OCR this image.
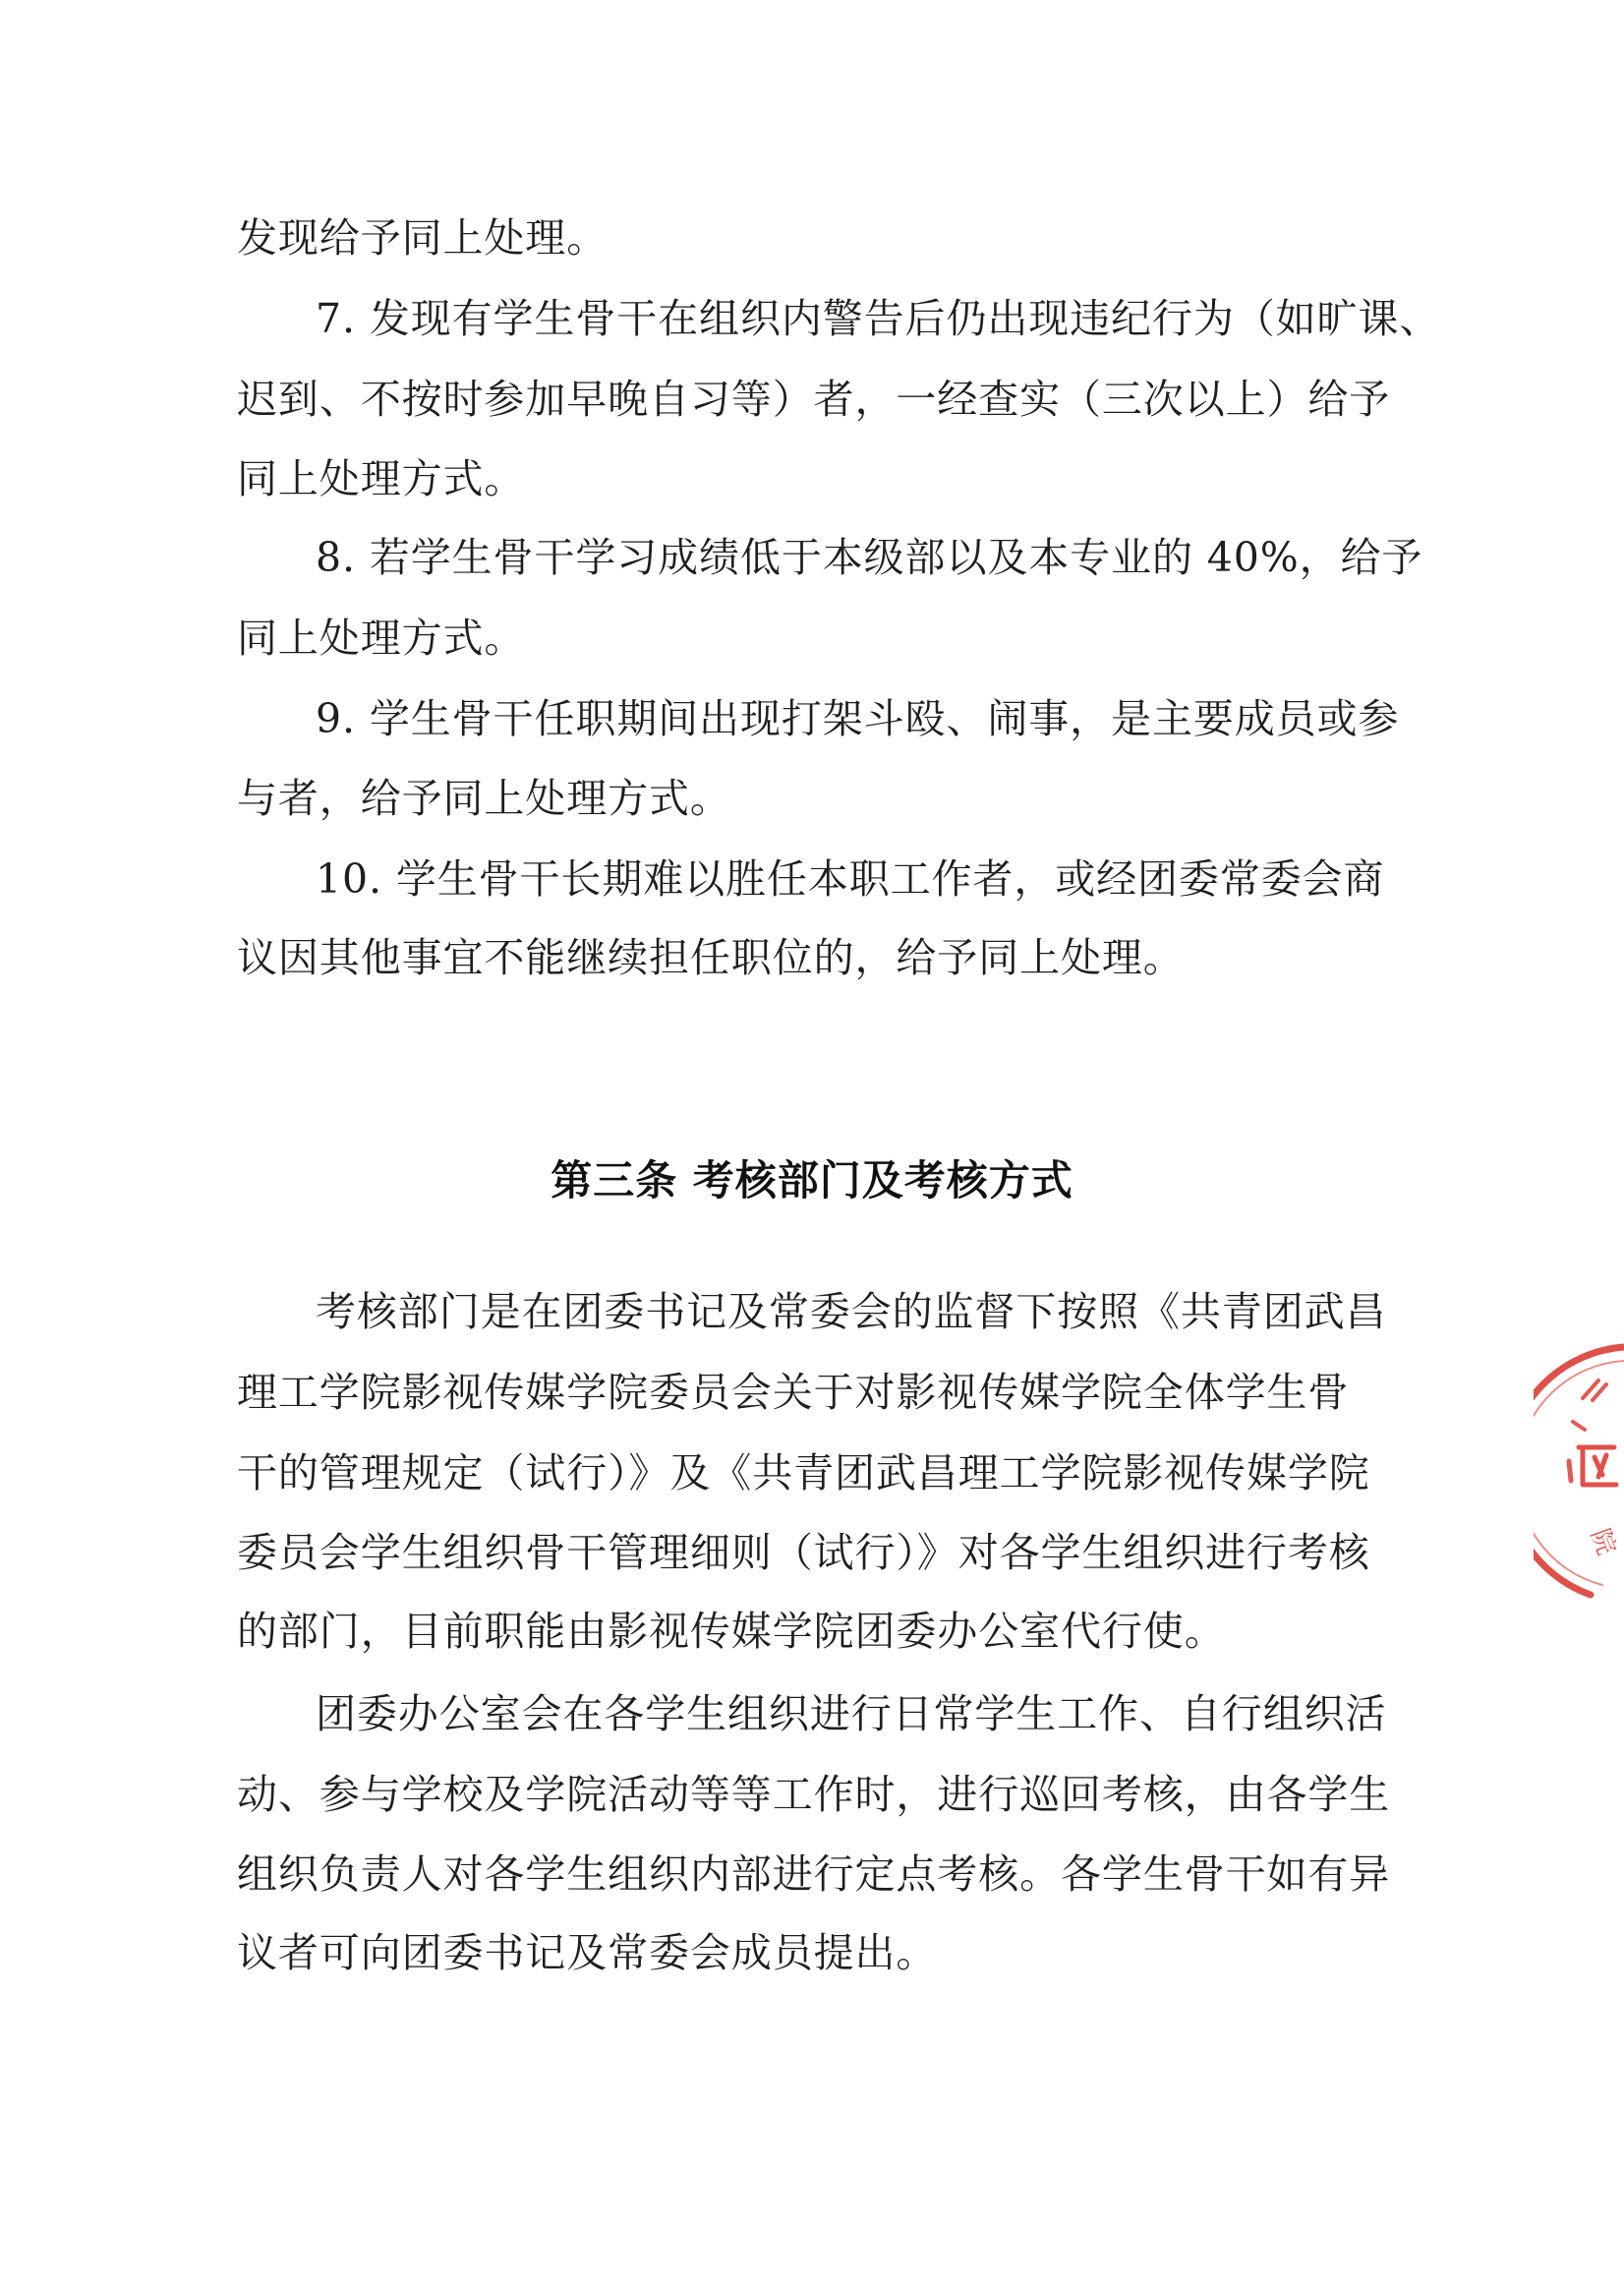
发现给予同上处理。

7. 发现有学生骨干在组织内警告后仍出现违纪行为（如旷课、

迟到、不按时参加早晚自习等）者，一经查实（三次以上）给予

同上处理方式。

8. 若学生骨干学习成绩低于本级部以及本专业的 40%，给予

同上处理方式。

9. 学生骨干任职期间出现打架斗殴、闹事，是主要成员或参

与者，给予同上处理方式。

10. 学生骨干长期难以胜任本职工作者，或经团委常委会商

议因其他事宜不能继续担任职位的，给予同上处理。

第三条 考核部门及考核方式

考核部门是在团委书记及常委会的监督下按照《共青团武昌

理工学院影视传媒学院委员会关于对影视传媒学院全体学生骨

干的管理规定（试行）》及《共青团武昌理工学院影视传媒学院

委员会学生组织骨干管理细则（试行）》对各学生组织进行考核

的部门，目前职能由影视传媒学院团委办公室代行使。

团委办公室会在各学生组织进行日常学生工作、自行组织活

动、参与学校及学院活动等等工作时，进行巡回考核，由各学生

组织负责人对各学生组织内部进行定点考核。各学生骨干如有异

议者可向团委书记及常委会成员提出。

院
